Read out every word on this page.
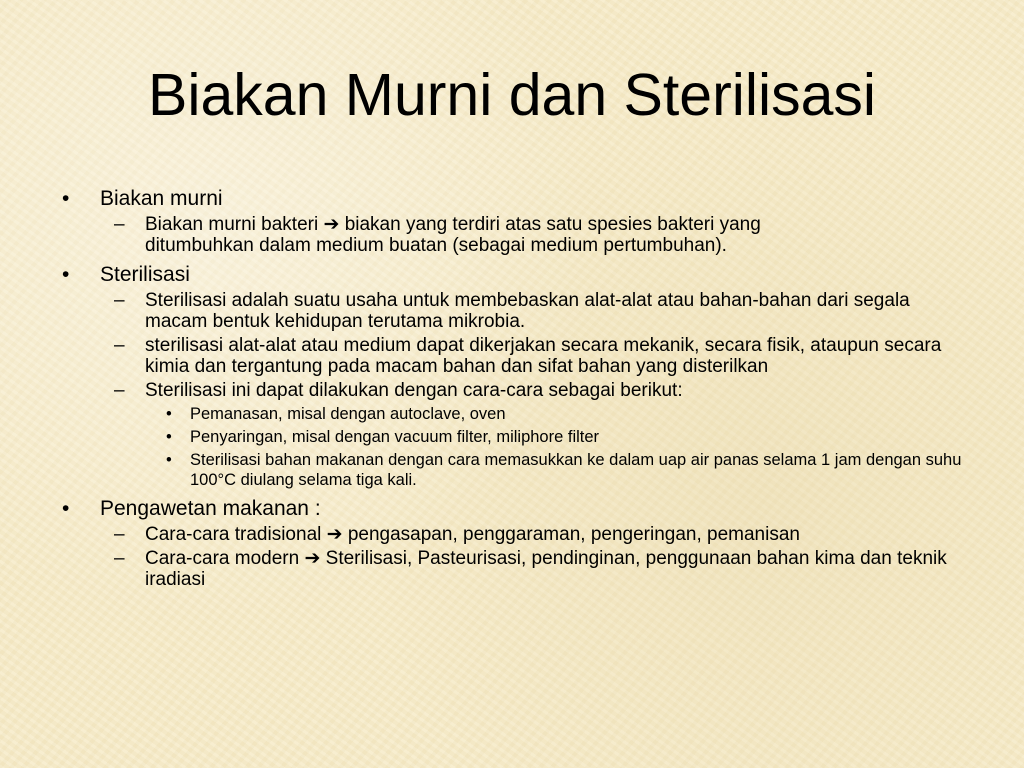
Biakan Murni dan Sterilisasi
• Biakan murni
– Biakan murni bakteri ➔ biakan yang terdiri atas satu spesies bakteri yang
ditumbuhkan dalam medium buatan (sebagai medium pertumbuhan).
• Sterilisasi
– Sterilisasi adalah suatu usaha untuk membebaskan alat-alat atau bahan-bahan dari segala macam bentuk kehidupan terutama mikrobia.
– sterilisasi alat-alat atau medium dapat dikerjakan secara mekanik, secara fisik, ataupun secara kimia dan tergantung pada macam bahan dan sifat bahan yang disterilkan
– Sterilisasi ini dapat dilakukan dengan cara-cara sebagai berikut:
• Pemanasan, misal dengan autoclave, oven
• Penyaringan, misal dengan vacuum filter, miliphore filter
• Sterilisasi bahan makanan dengan cara memasukkan ke dalam uap air panas selama 1 jam dengan suhu 100°C diulang selama tiga kali.
• Pengawetan makanan :
– Cara-cara tradisional ➔ pengasapan, penggaraman, pengeringan, pemanisan
– Cara-cara modern ➔ Sterilisasi, Pasteurisasi, pendinginan, penggunaan bahan kima dan teknik iradiasi
